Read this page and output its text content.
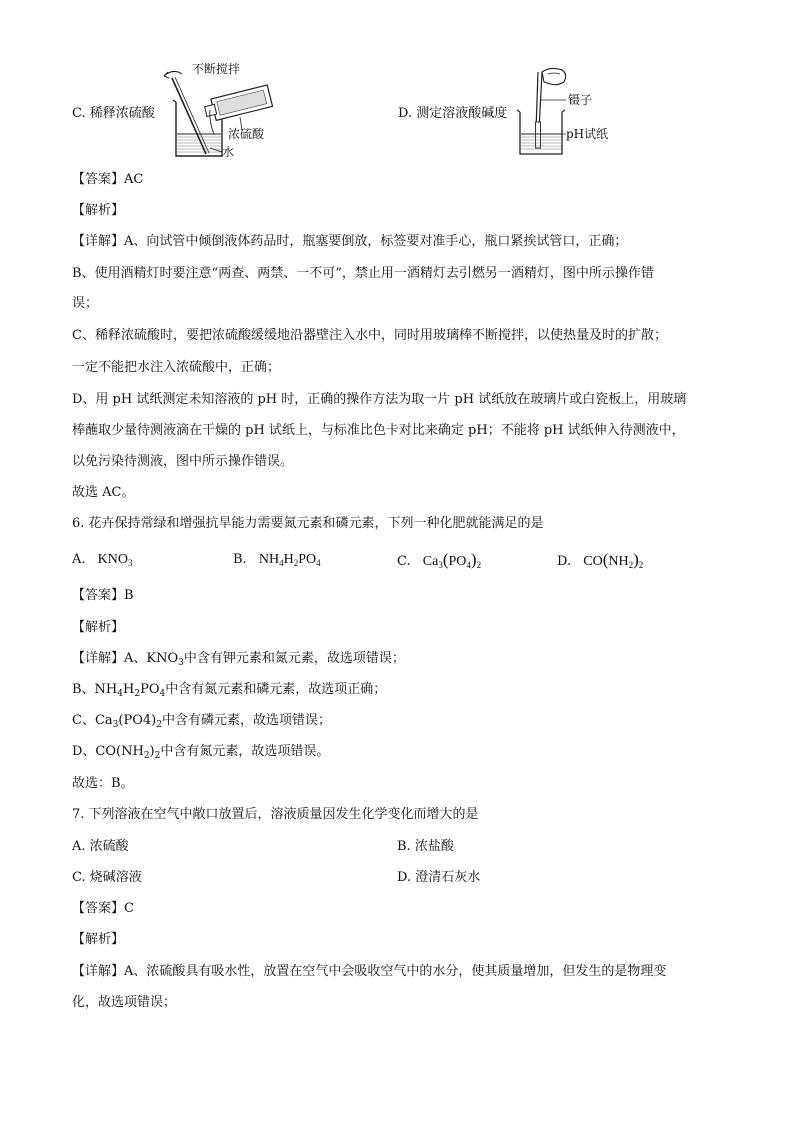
C. 稀释浓硫酸
不断搅拌
浓硫酸
水
D. 测定溶液酸碱度
镊子
pH试纸
【答案】AC
【解析】
【详解】A、向试管中倾倒液体药品时，瓶塞要倒放，标签要对准手心，瓶口紧挨试管口，正确；
B、使用酒精灯时要注意“两查、两禁、一不可”，禁止用一酒精灯去引燃另一酒精灯，图中所示操作错
误；
C、稀释浓硫酸时，要把浓硫酸缓缓地沿器壁注入水中，同时用玻璃棒不断搅拌，以使热量及时的扩散；
一定不能把水注入浓硫酸中，正确；
D、用 pH 试纸测定未知溶液的 pH 时，正确的操作方法为取一片 pH 试纸放在玻璃片或白瓷板上，用玻璃
棒蘸取少量待测液滴在干燥的 pH 试纸上，与标准比色卡对比来确定 pH；不能将 pH 试纸伸入待测液中，
以免污染待测液，图中所示操作错误。
故选 AC。
6. 花卉保持常绿和增强抗旱能力需要氮元素和磷元素，下列一种化肥就能满足的是
A. $KNO_3$	B. $NH_4H_2PO_4$	C. $Ca_3(PO_4)_2$	D. $CO(NH_2)_2$
【答案】B
【解析】
【详解】A、$KNO_3$中含有钾元素和氮元素，故选项错误；
B、$NH_4H_2PO_4$中含有氮元素和磷元素，故选项正确；
C、$Ca_3(PO4)_2$中含有磷元素，故选项错误；
D、$CO(NH_2)_2$中含有氮元素，故选项错误。
故选：B。
7. 下列溶液在空气中敞口放置后，溶液质量因发生化学变化而增大的是
A. 浓硫酸	B. 浓盐酸
C. 烧碱溶液	D. 澄清石灰水
【答案】C
【解析】
【详解】A、浓硫酸具有吸水性，放置在空气中会吸收空气中的水分，使其质量增加，但发生的是物理变
化，故选项错误；
